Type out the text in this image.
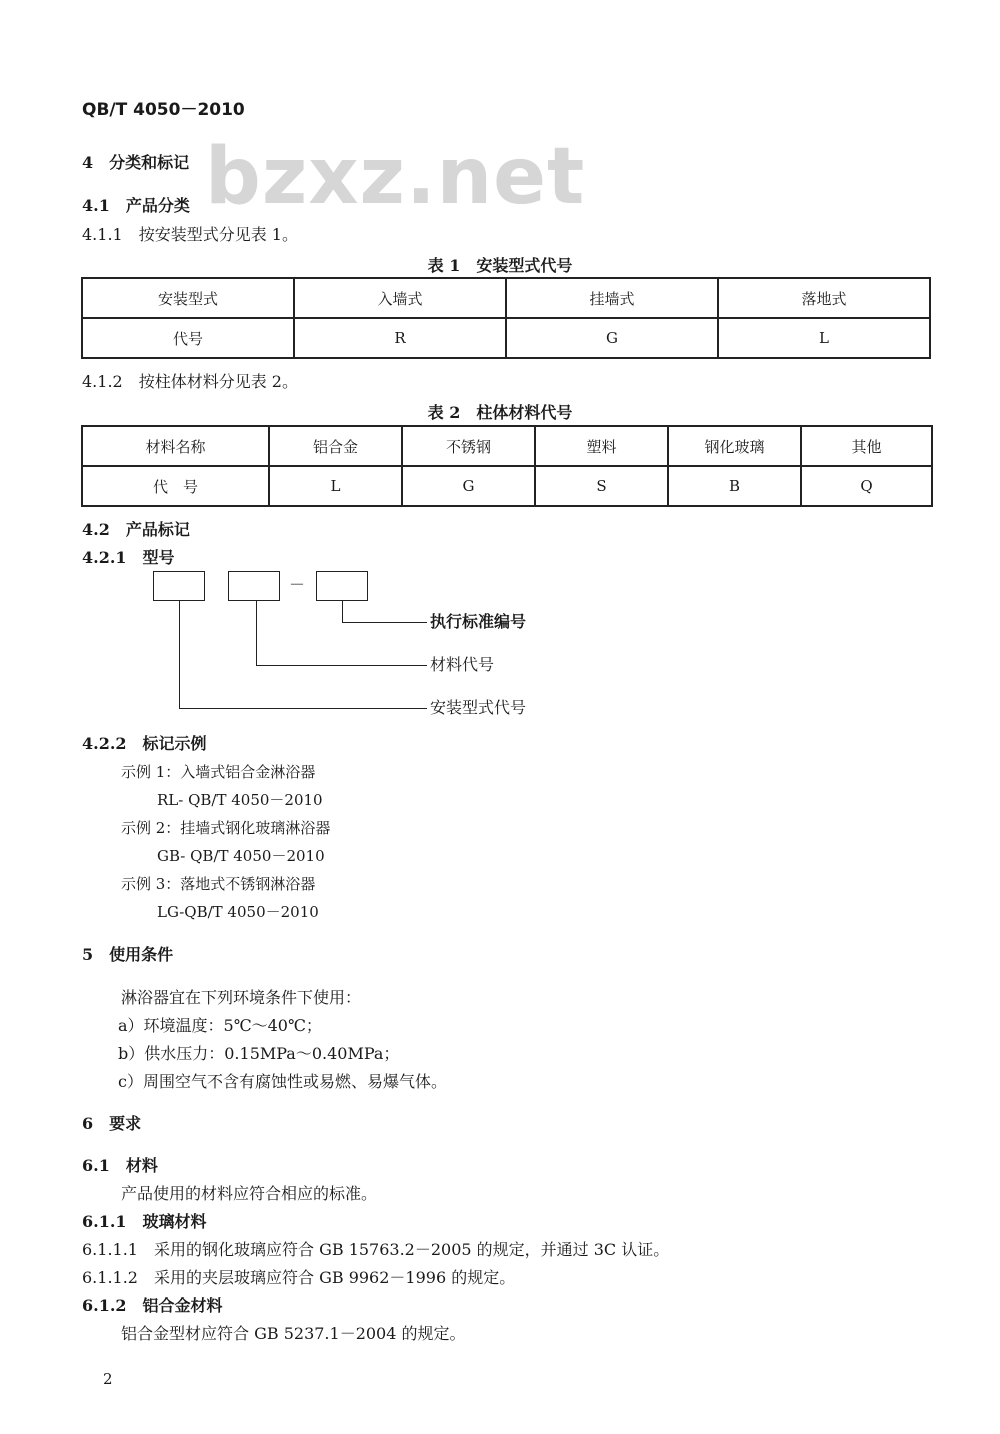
bzxz.net
QB/T 4050－2010
4　分类和标记
4.1　产品分类
4.1.1　按安装型式分见表 1。
表 1　安装型式代号
安装型式	入墙式	挂墙式	落地式
代号	R	G	L
4.1.2　按柱体材料分见表 2。
表 2　柱体材料代号
材料名称	铝合金	不锈钢	塑料	钢化玻璃	其他
代　号	L	G	S	B	Q
4.2　产品标记
4.2.1　型号
－
执行标准编号
材料代号
安装型式代号
4.2.2　标记示例
示例 1：入墙式铝合金淋浴器
RL- QB/T 4050－2010
示例 2：挂墙式钢化玻璃淋浴器
GB- QB/T 4050－2010
示例 3：落地式不锈钢淋浴器
LG-QB/T 4050－2010
5　使用条件
淋浴器宜在下列环境条件下使用：
a）环境温度：5℃～40℃；
b）供水压力：0.15MPa～0.40MPa；
c）周围空气不含有腐蚀性或易燃、易爆气体。
6　要求
6.1　材料
产品使用的材料应符合相应的标准。
6.1.1　玻璃材料
6.1.1.1　采用的钢化玻璃应符合 GB 15763.2－2005 的规定，并通过 3C 认证。
6.1.1.2　采用的夹层玻璃应符合 GB 9962－1996 的规定。
6.1.2　铝合金材料
铝合金型材应符合 GB 5237.1－2004 的规定。
2
